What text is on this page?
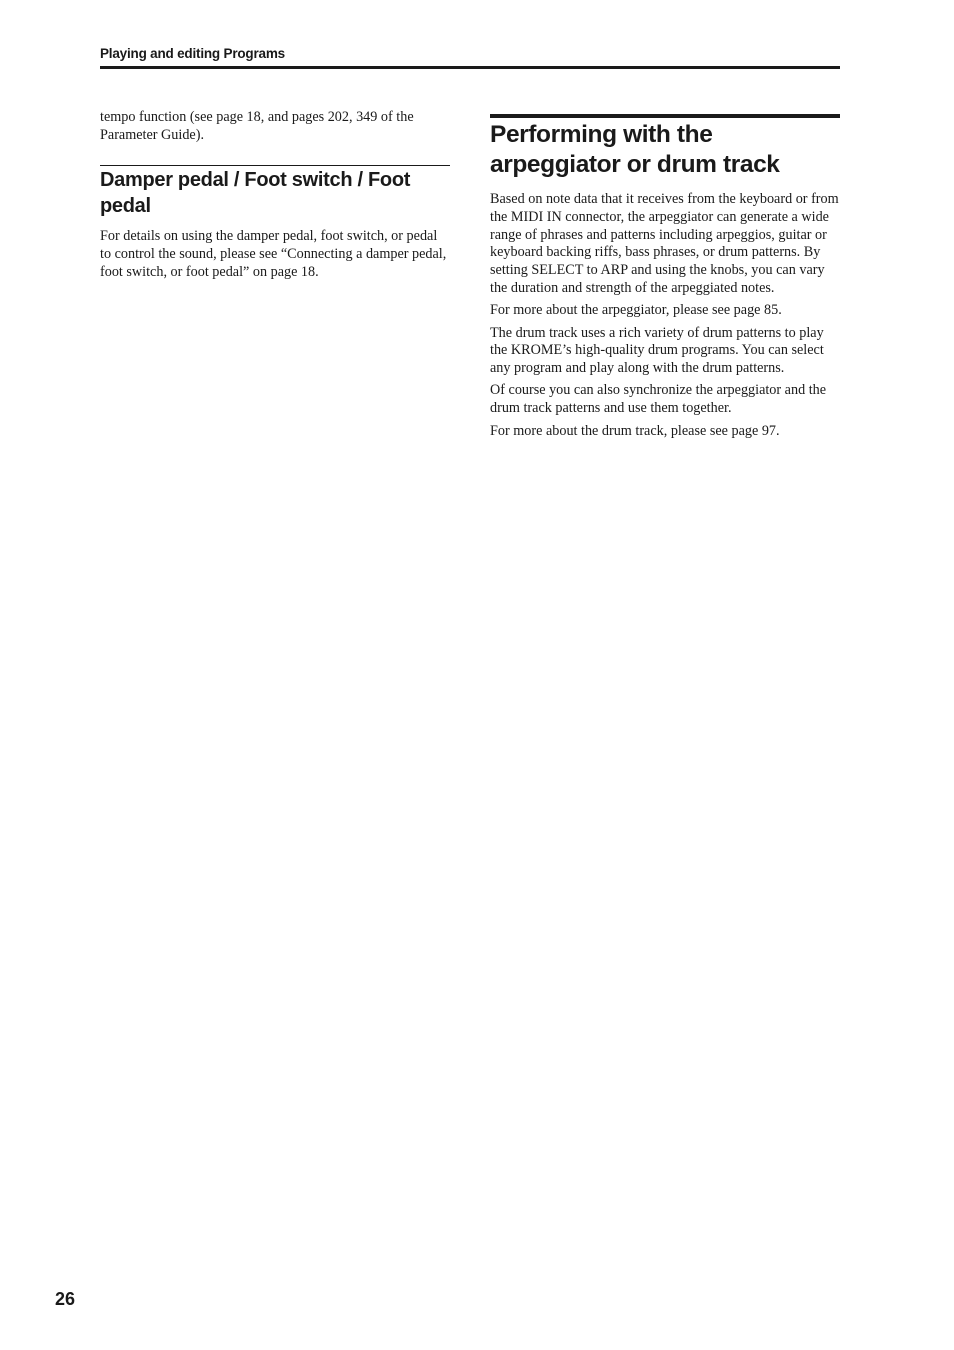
Playing and editing Programs

tempo function (see page 18, and pages 202, 349 of the Parameter Guide).

Damper pedal / Foot switch / Foot pedal

For details on using the damper pedal, foot switch, or pedal to control the sound, please see “Connecting a damper pedal, foot switch, or foot pedal” on page 18.

Performing with the arpeggiator or drum track

Based on note data that it receives from the keyboard or from the MIDI IN connector, the arpeggiator can generate a wide range of phrases and patterns including arpeggios, guitar or keyboard backing riffs, bass phrases, or drum patterns. By setting SELECT to ARP and using the knobs, you can vary the duration and strength of the arpeggiated notes.

For more about the arpeggiator, please see page 85.

The drum track uses a rich variety of drum patterns to play the KROME’s high-quality drum programs. You can select any program and play along with the drum patterns.

Of course you can also synchronize the arpeggiator and the drum track patterns and use them together.

For more about the drum track, please see page 97.

26
